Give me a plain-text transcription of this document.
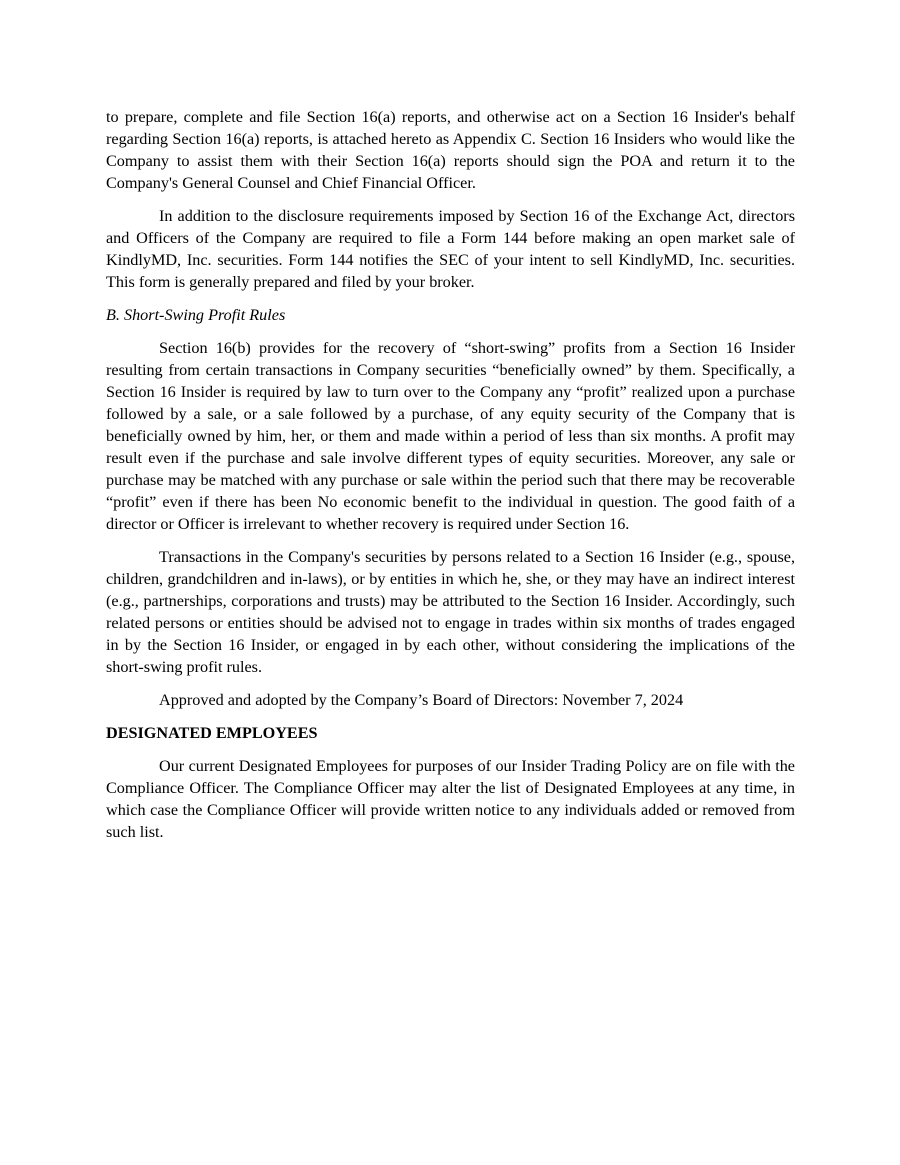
to prepare, complete and file Section 16(a) reports, and otherwise act on a Section 16 Insider's behalf regarding Section 16(a) reports, is attached hereto as Appendix C. Section 16 Insiders who would like the Company to assist them with their Section 16(a) reports should sign the POA and return it to the Company's General Counsel and Chief Financial Officer.

In addition to the disclosure requirements imposed by Section 16 of the Exchange Act, directors and Officers of the Company are required to file a Form 144 before making an open market sale of KindlyMD, Inc. securities. Form 144 notifies the SEC of your intent to sell KindlyMD, Inc. securities. This form is generally prepared and filed by your broker.

B. Short-Swing Profit Rules

Section 16(b) provides for the recovery of “short-swing” profits from a Section 16 Insider resulting from certain transactions in Company securities “beneficially owned” by them. Specifically, a Section 16 Insider is required by law to turn over to the Company any “profit” realized upon a purchase followed by a sale, or a sale followed by a purchase, of any equity security of the Company that is beneficially owned by him, her, or them and made within a period of less than six months. A profit may result even if the purchase and sale involve different types of equity securities. Moreover, any sale or purchase may be matched with any purchase or sale within the period such that there may be recoverable “profit” even if there has been No economic benefit to the individual in question. The good faith of a director or Officer is irrelevant to whether recovery is required under Section 16.

Transactions in the Company's securities by persons related to a Section 16 Insider (e.g., spouse, children, grandchildren and in-laws), or by entities in which he, she, or they may have an indirect interest (e.g., partnerships, corporations and trusts) may be attributed to the Section 16 Insider. Accordingly, such related persons or entities should be advised not to engage in trades within six months of trades engaged in by the Section 16 Insider, or engaged in by each other, without considering the implications of the short-swing profit rules.

Approved and adopted by the Company’s Board of Directors: November 7, 2024

DESIGNATED EMPLOYEES

Our current Designated Employees for purposes of our Insider Trading Policy are on file with the Compliance Officer. The Compliance Officer may alter the list of Designated Employees at any time, in which case the Compliance Officer will provide written notice to any individuals added or removed from such list.
